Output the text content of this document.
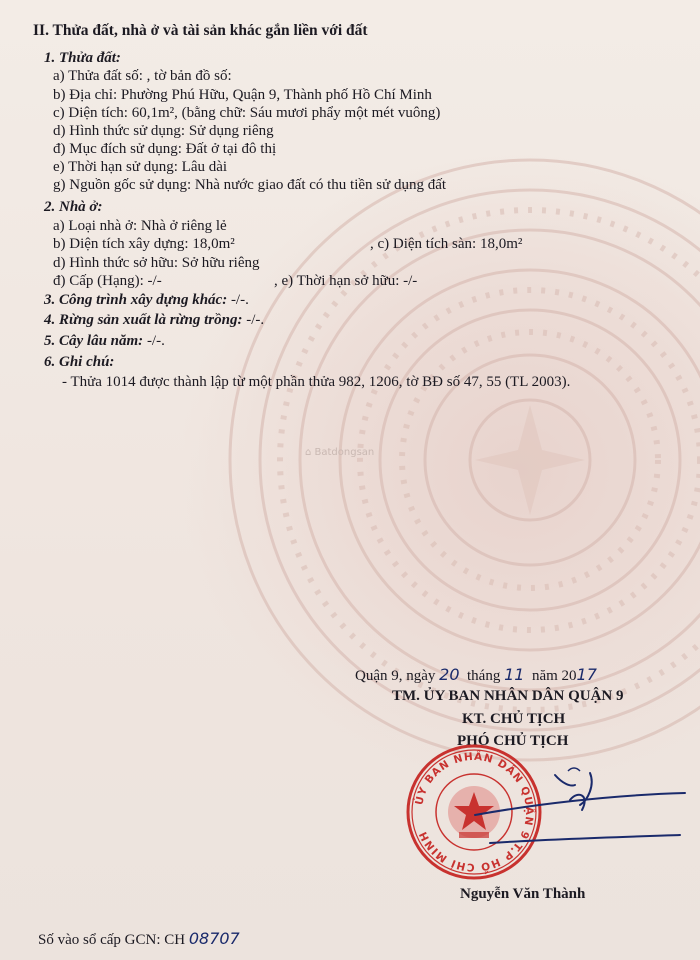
⌂ Batdongsan
II. Thửa đất, nhà ở và tài sản khác gắn liền với đất
1. Thửa đất:
a) Thửa đất số: , tờ bản đồ số:
b) Địa chỉ: Phường Phú Hữu, Quận 9, Thành phố Hồ Chí Minh
c) Diện tích: 60,1m², (bằng chữ: Sáu mươi phẩy một mét vuông)
d) Hình thức sử dụng: Sử dụng riêng
đ) Mục đích sử dụng: Đất ở tại đô thị
e) Thời hạn sử dụng: Lâu dài
g) Nguồn gốc sử dụng: Nhà nước giao đất có thu tiền sử dụng đất
2. Nhà ở:
a) Loại nhà ở: Nhà ở riêng lẻ
b) Diện tích xây dựng: 18,0m²	, c) Diện tích sàn: 18,0m²
d) Hình thức sở hữu: Sở hữu riêng
đ) Cấp (Hạng): -/-	, e) Thời hạn sở hữu: -/-
3. Công trình xây dựng khác: -/-.
4. Rừng sản xuất là rừng trồng: -/-.
5. Cây lâu năm: -/-.
6. Ghi chú:
- Thửa 1014 được thành lập từ một phần thửa 982, 1206, tờ BĐ số 47, 55 (TL 2003).
Quận 9, ngày 20 tháng 11 năm 2017
TM. ỦY BAN NHÂN DÂN QUẬN 9
KT. CHỦ TỊCH
PHÓ CHỦ TỊCH
ỦY BAN NHÂN DÂN QUẬN 9 T.P HỒ CHÍ MINH
Nguyễn Văn Thành
Số vào sổ cấp GCN: CH 08707
